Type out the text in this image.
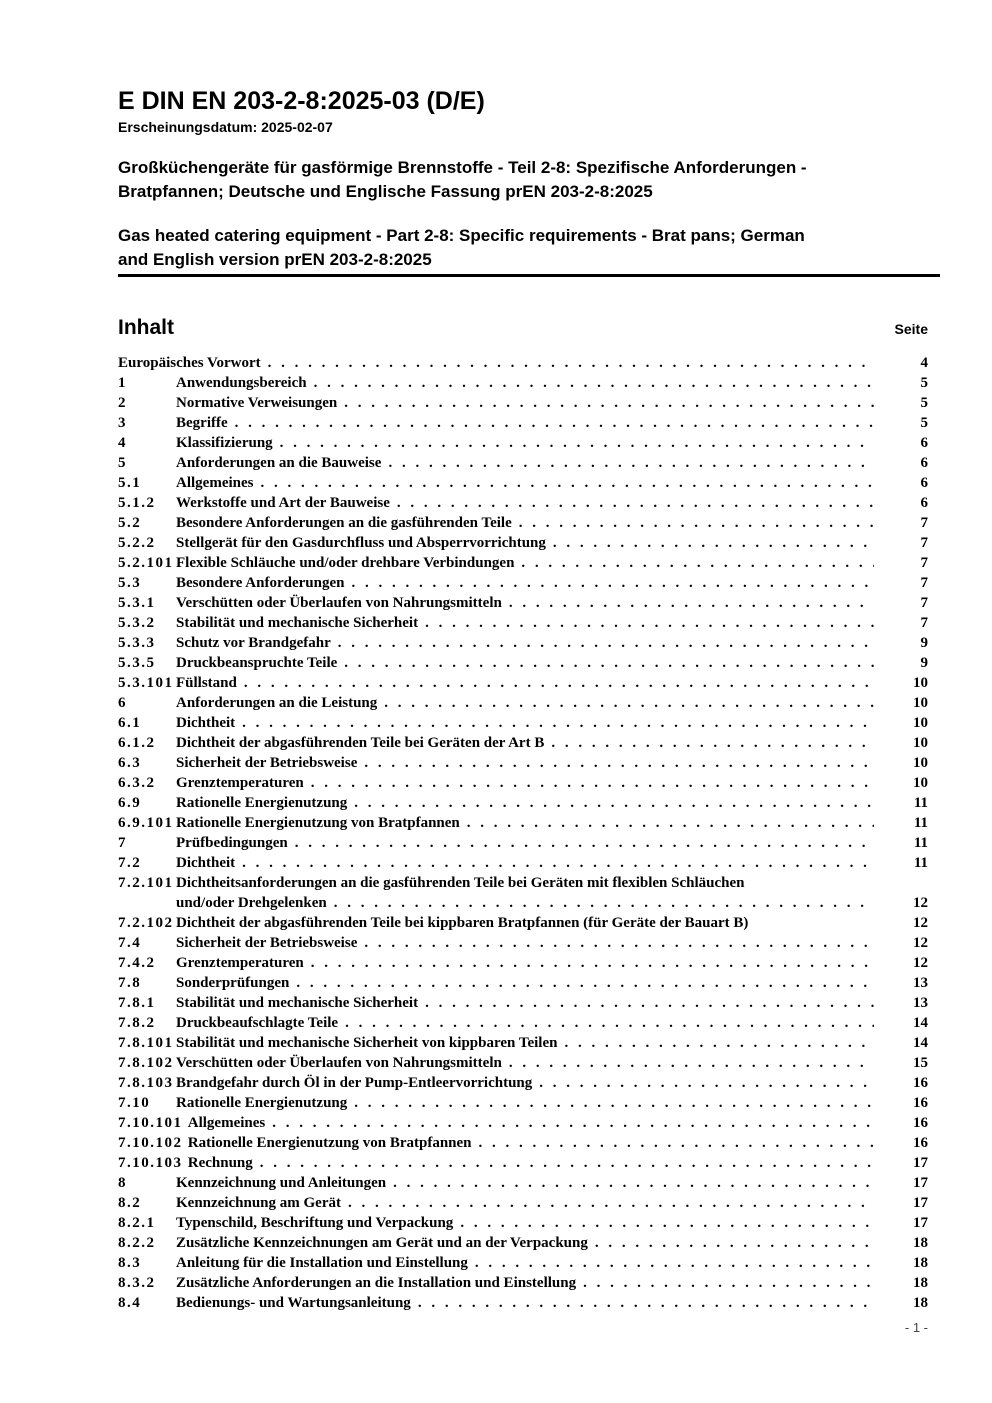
E DIN EN 203-2-8:2025-03 (D/E)
Erscheinungsdatum: 2025-02-07
Großküchengeräte für gasförmige Brennstoffe - Teil 2-8: Spezifische Anforderungen -
Bratpfannen; Deutsche und Englische Fassung prEN 203-2-8:2025
Gas heated catering equipment - Part 2-8: Specific requirements - Brat pans; German
and English version prEN 203-2-8:2025
Inhalt	Seite
Europäisches Vorwort . . .	4
1	Anwendungsbereich . . .	5
2	Normative Verweisungen . . .	5
3	Begriffe . . .	5
4	Klassifizierung . . .	6
5	Anforderungen an die Bauweise . . .	6
5.1	Allgemeines . . .	6
5.1.2	Werkstoffe und Art der Bauweise . . .	6
5.2	Besondere Anforderungen an die gasführenden Teile . . .	7
5.2.2	Stellgerät für den Gasdurchfluss und Absperrvorrichtung . . .	7
5.2.101 Flexible Schläuche und/oder drehbare Verbindungen . . .	7
5.3	Besondere Anforderungen . . .	7
5.3.1	Verschütten oder Überlaufen von Nahrungsmitteln . . .	7
5.3.2	Stabilität und mechanische Sicherheit . . .	7
5.3.3	Schutz vor Brandgefahr . . .	9
5.3.5	Druckbeanspruchte Teile . . .	9
5.3.101 Füllstand . . .	10
6	Anforderungen an die Leistung . . .	10
6.1	Dichtheit . . .	10
6.1.2	Dichtheit der abgasführenden Teile bei Geräten der Art B . . .	10
6.3	Sicherheit der Betriebsweise . . .	10
6.3.2	Grenztemperaturen . . .	10
6.9	Rationelle Energienutzung . . .	11
6.9.101 Rationelle Energienutzung von Bratpfannen . . .	11
7	Prüfbedingungen . . .	11
7.2	Dichtheit . . .	11
7.2.101 Dichtheitsanforderungen an die gasführenden Teile bei Geräten mit flexiblen Schläuchen
und/oder Drehgelenken . . .	12
7.2.102 Dichtheit der abgasführenden Teile bei kippbaren Bratpfannen (für Geräte der Bauart B)	12
7.4	Sicherheit der Betriebsweise . . .	12
7.4.2	Grenztemperaturen . . .	12
7.8	Sonderprüfungen . . .	13
7.8.1	Stabilität und mechanische Sicherheit . . .	13
7.8.2	Druckbeaufschlagte Teile . . .	14
7.8.101 Stabilität und mechanische Sicherheit von kippbaren Teilen . . .	14
7.8.102 Verschütten oder Überlaufen von Nahrungsmitteln . . .	15
7.8.103 Brandgefahr durch Öl in der Pump-Entleervorrichtung . . .	16
7.10	Rationelle Energienutzung . . .	16
7.10.101 Allgemeines . . .	16
7.10.102 Rationelle Energienutzung von Bratpfannen . . .	16
7.10.103 Rechnung . . .	17
8	Kennzeichnung und Anleitungen . . .	17
8.2	Kennzeichnung am Gerät . . .	17
8.2.1	Typenschild, Beschriftung und Verpackung . . .	17
8.2.2	Zusätzliche Kennzeichnungen am Gerät und an der Verpackung . . .	18
8.3	Anleitung für die Installation und Einstellung . . .	18
8.3.2	Zusätzliche Anforderungen an die Installation und Einstellung . . .	18
8.4	Bedienungs- und Wartungsanleitung . . .	18
- 1 -
